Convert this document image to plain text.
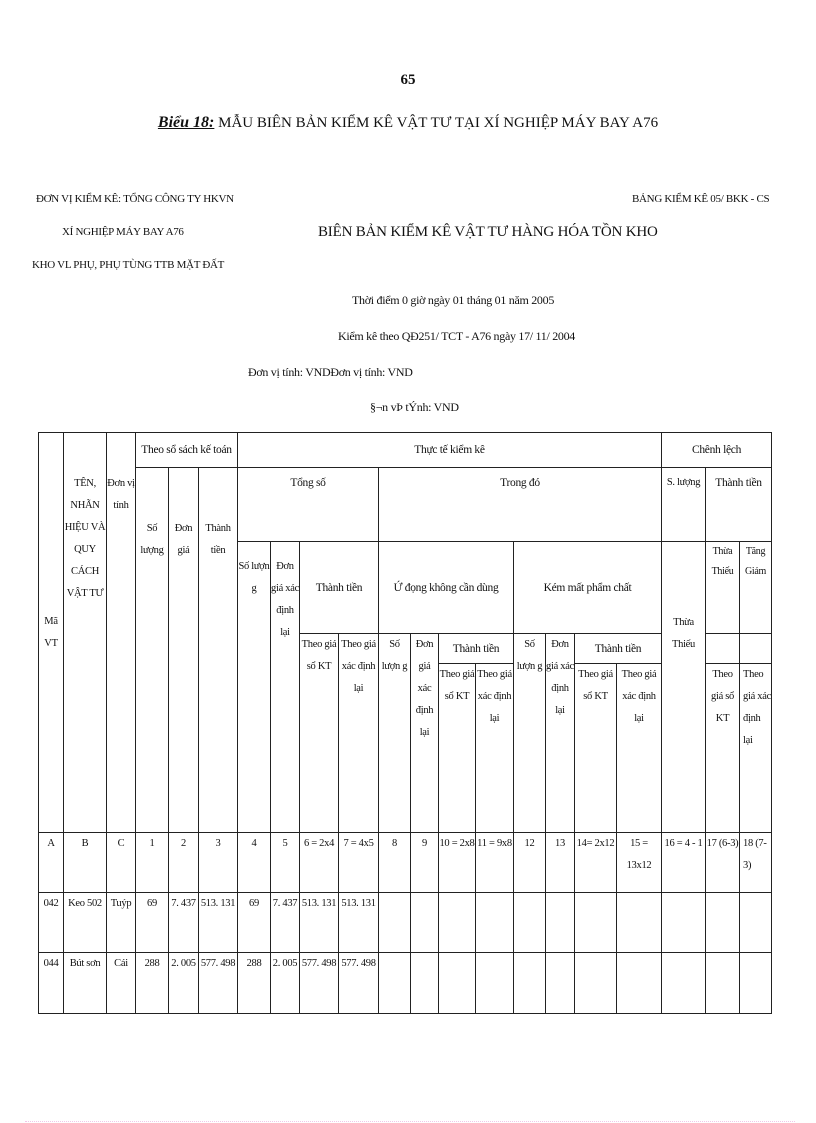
65
Biểu 18: MẪU BIÊN BẢN KIỂM KÊ VẬT TƯ TẠI XÍ NGHIỆP MÁY BAY A76
ĐƠN VỊ KIỂM KÊ: TỔNG CÔNG TY HKVN
XÍ NGHIỆP MÁY BAY A76
KHO VL PHỤ, PHỤ TÙNG TTB MẶT ĐẤT
BẢNG KIỂM KÊ 05/ BKK - CS
BIÊN BẢN KIỂM KÊ VẬT TƯ HÀNG HÓA TỒN KHO
Thời điểm 0 giờ ngày 01 tháng 01 năm 2005
Kiểm kê theo QĐ251/ TCT - A76 ngày 17/ 11/ 2004
Đơn vị tính: VNDĐơn vị tính: VND
§¬n vÞ tÝnh: VND
Mã VT	TÊN, NHÃN HIỆU VÀ QUY CÁCH VẬT TƯ	Đơn vị tính	Theo sổ sách kế toán			Thực tế kiểm kê												Chênh lệch		
			Số lượng	Đơn giá	Thành tiền	Tổng số				Trong đó								S. lượng	Thành tiền	
						Số lượn g	Đơn giá xác định lại	Thành tiền		Ứ đọng không cần dùng				Kém mất phẩm chất				Thừa Thiếu	Thừa Thiếu	Tăng Giảm
								Theo giá sổ KT	Theo giá xác định lại	Số lượn g	Đơn giá xác định lại	Thành tiền		Số lượn g	Đơn giá xác định lại	Thành tiền				
												Theo giá sổ KT	Theo giá xác định lại			Theo giá sổ KT	Theo giá xác định lại		Theo giá sổ KT	Theo giá xác định lại
A	B	C	1	2	3	4	5	6 = 2x4	7 = 4x5	8	9	10 = 2x8	11 = 9x8	12	13	14= 2x12	15 = 13x12	16 = 4 - 1	17 (6-3)	18 (7-3)
042	Keo 502	Tuýp	69	7. 437	513. 131	69	7. 437	513. 131	513. 131											
044	Bút sơn	Cái	288	2. 005	577. 498	288	2. 005	577. 498	577. 498											
